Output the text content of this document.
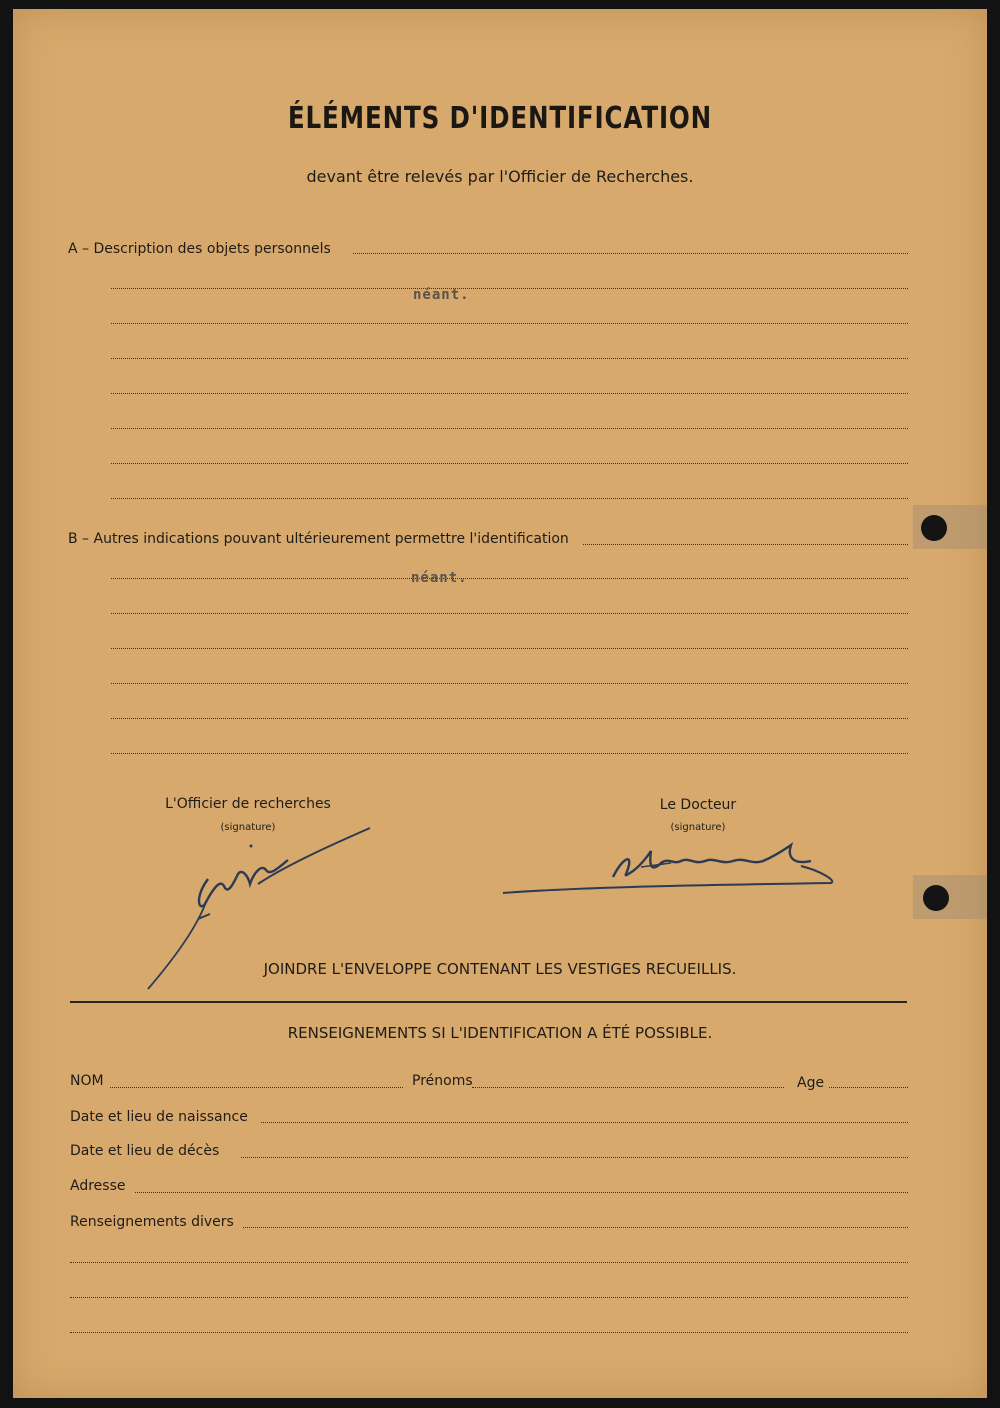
ÉLÉMENTS D'IDENTIFICATION
devant être relevés par l'Officier de Recherches.
A – Description des objets personnels
néant.
B – Autres indications pouvant ultérieurement permettre l'identification
néant.
L'Officier de recherches
(signature)
Le Docteur
(signature)
JOINDRE L'ENVELOPPE CONTENANT LES VESTIGES RECUEILLIS.
RENSEIGNEMENTS SI L'IDENTIFICATION A ÉTÉ POSSIBLE.
NOM	Prénoms	Age
Date et lieu de naissance
Date et lieu de décès
Adresse
Renseignements divers
